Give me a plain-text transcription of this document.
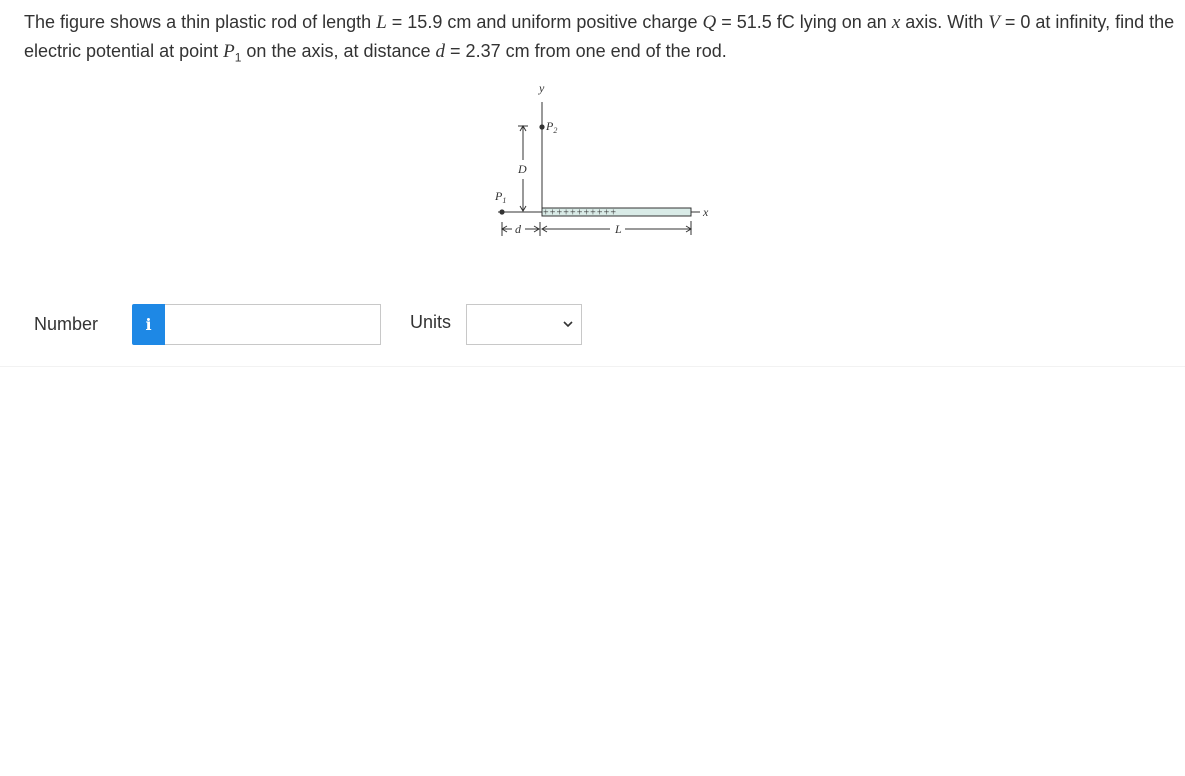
The figure shows a thin plastic rod of length L = 15.9 cm and uniform positive charge Q = 51.5 fC lying on an x axis. With V = 0 at infinity, find the electric potential at point $P_1$ on the axis, at distance d = 2.37 cm from one end of the rod.
y
$P_2$
D
$P_1$
x
+++++++++++
d	L
Number	i	Units
